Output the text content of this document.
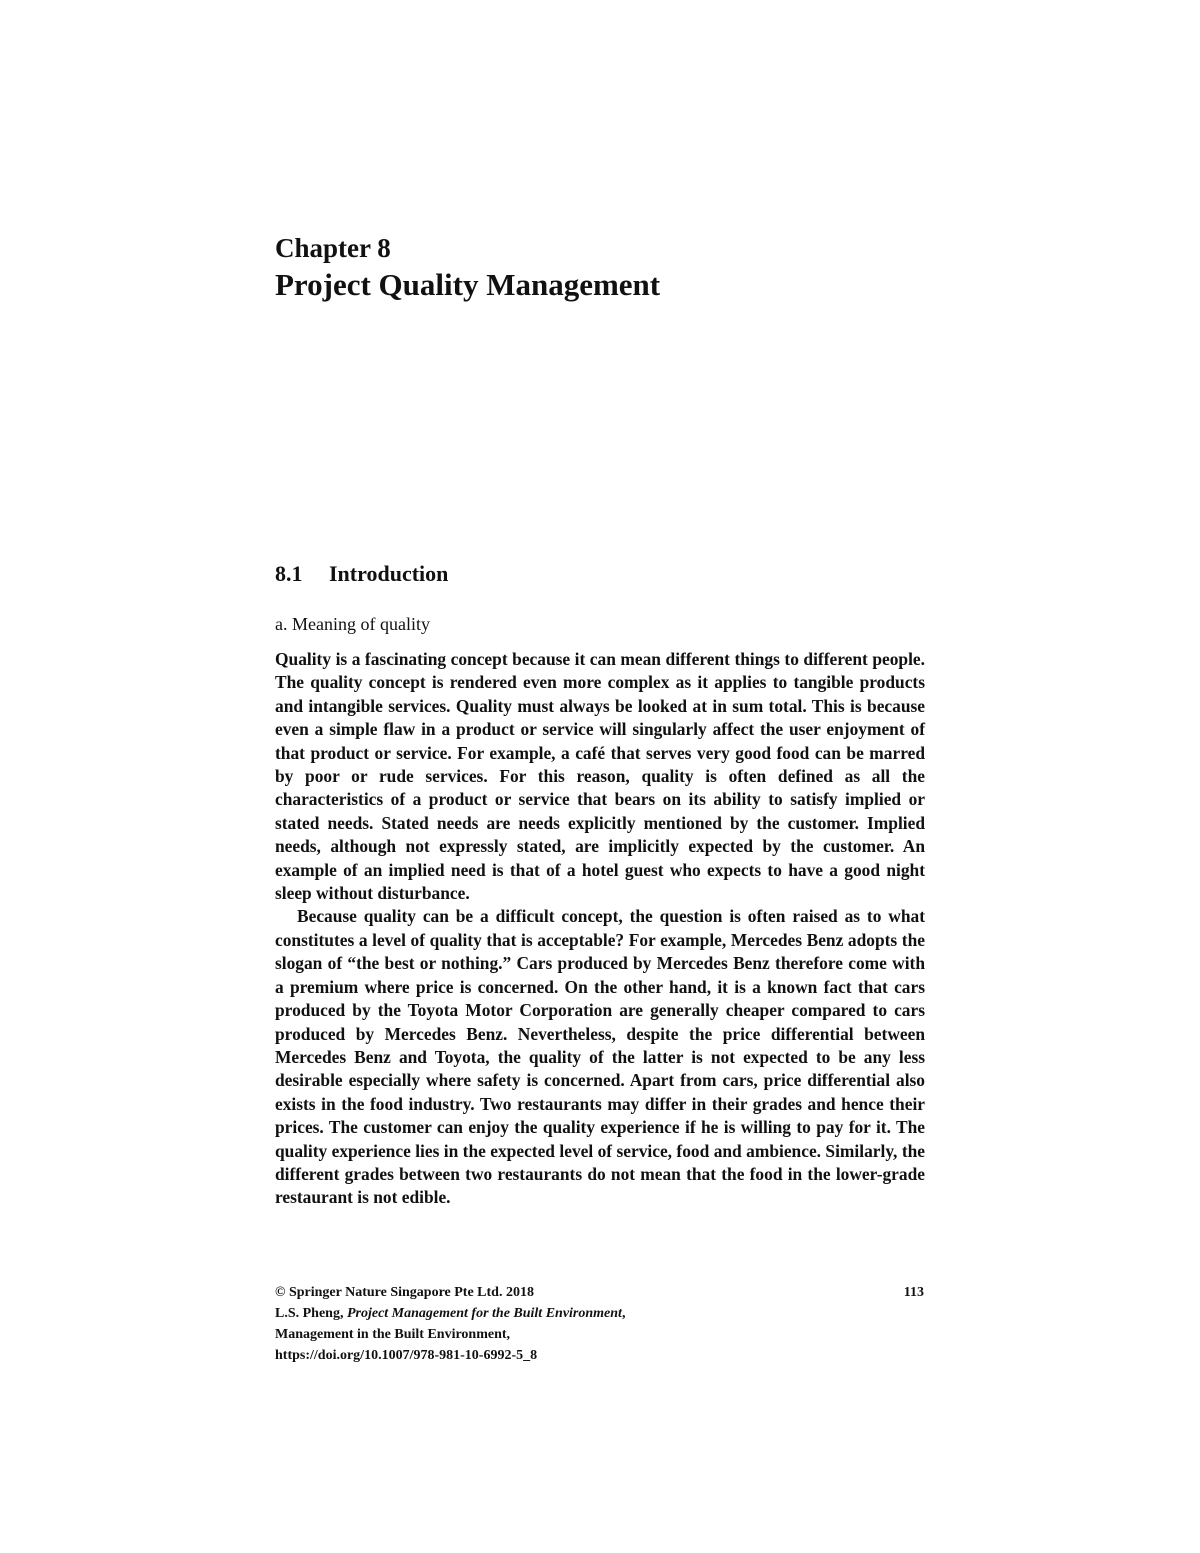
Chapter 8
Project Quality Management
8.1 Introduction
a. Meaning of quality

Quality is a fascinating concept because it can mean different things to different people. The quality concept is rendered even more complex as it applies to tangible products and intangible services. Quality must always be looked at in sum total. This is because even a simple flaw in a product or service will singularly affect the user enjoyment of that product or service. For example, a café that serves very good food can be marred by poor or rude services. For this reason, quality is often defined as all the characteristics of a product or service that bears on its ability to satisfy implied or stated needs. Stated needs are needs explicitly mentioned by the customer. Implied needs, although not expressly stated, are implicitly expected by the customer. An example of an implied need is that of a hotel guest who expects to have a good night sleep without disturbance.

Because quality can be a difficult concept, the question is often raised as to what constitutes a level of quality that is acceptable? For example, Mercedes Benz adopts the slogan of “the best or nothing.” Cars produced by Mercedes Benz therefore come with a premium where price is concerned. On the other hand, it is a known fact that cars produced by the Toyota Motor Corporation are generally cheaper compared to cars produced by Mercedes Benz. Nevertheless, despite the price differential between Mercedes Benz and Toyota, the quality of the latter is not expected to be any less desirable especially where safety is concerned. Apart from cars, price differential also exists in the food industry. Two restaurants may differ in their grades and hence their prices. The customer can enjoy the quality experience if he is willing to pay for it. The quality experience lies in the expected level of service, food and ambience. Similarly, the different grades between two restaurants do not mean that the food in the lower-grade restaurant is not edible.

© Springer Nature Singapore Pte Ltd. 2018
L.S. Pheng, Project Management for the Built Environment,
Management in the Built Environment,
https://doi.org/10.1007/978-981-10-6992-5_8
113
